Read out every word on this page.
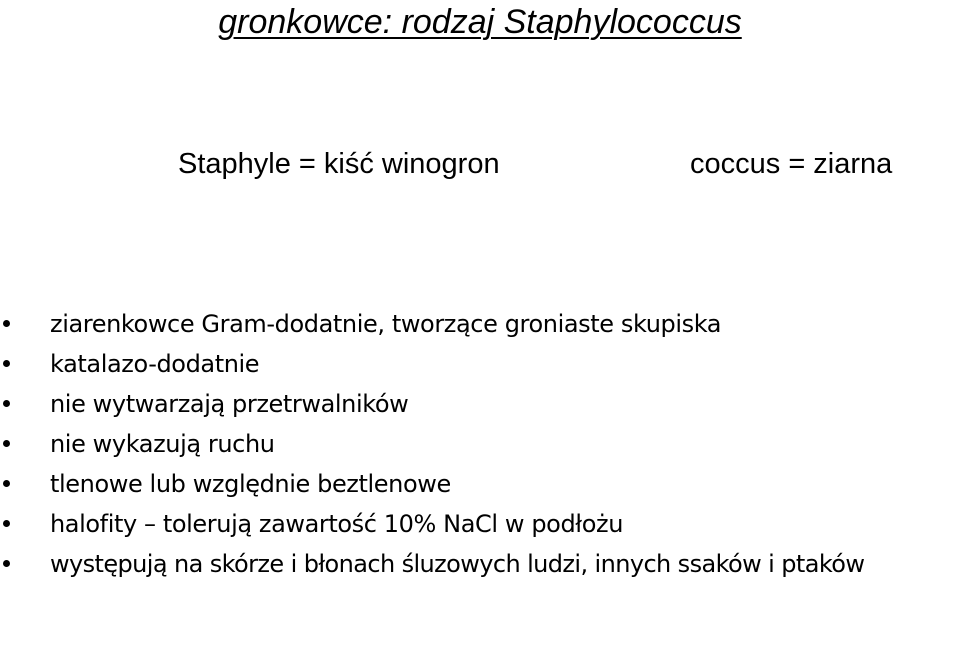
gronkowce: rodzaj Staphylococcus
Staphyle = kiść winogron	coccus = ziarna
ziarenkowce Gram-dodatnie, tworzące groniaste skupiska
katalazo-dodatnie
nie wytwarzają przetrwalników
nie wykazują ruchu
tlenowe lub względnie beztlenowe
halofity – tolerują zawartość 10% NaCl w podłożu
występują na skórze i błonach śluzowych ludzi, innych ssaków i ptaków
